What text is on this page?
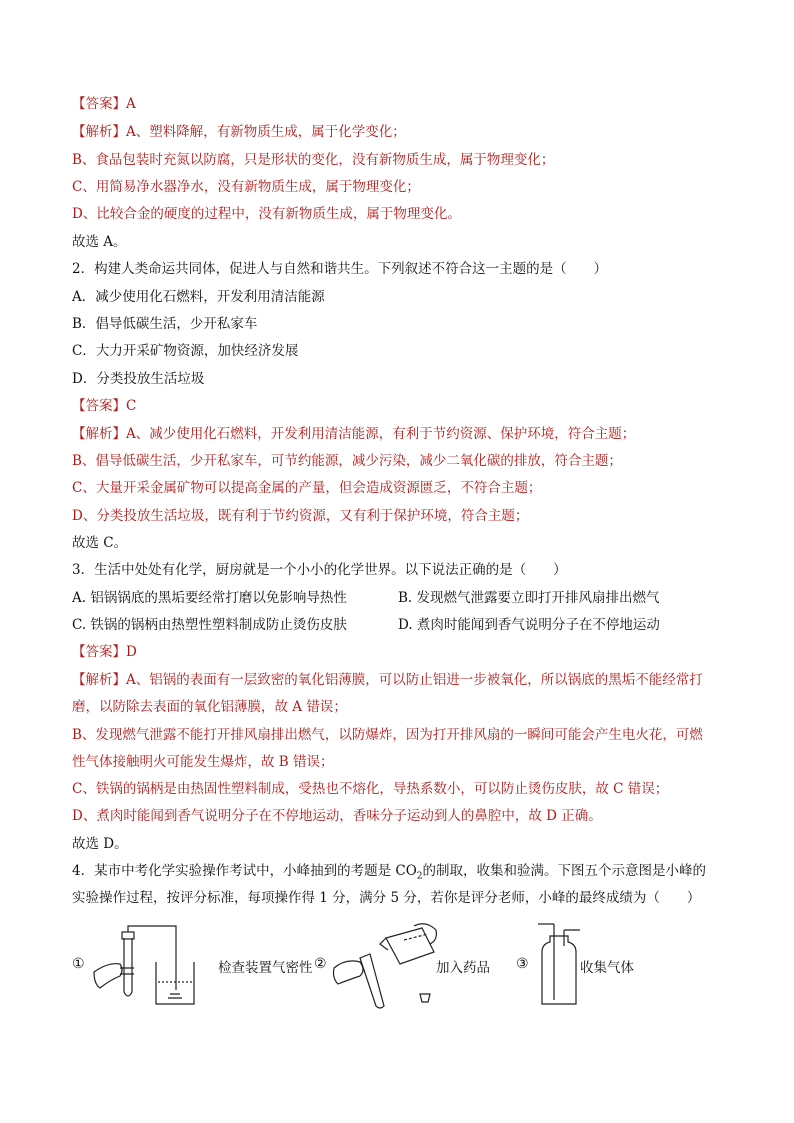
【答案】A
【解析】A、塑料降解，有新物质生成，属于化学变化；
B、食品包装时充氮以防腐，只是形状的变化，没有新物质生成，属于物理变化；
C、用简易净水器净水，没有新物质生成，属于物理变化；
D、比较合金的硬度的过程中，没有新物质生成，属于物理变化。
故选 A。
2．构建人类命运共同体，促进人与自然和谐共生。下列叙述不符合这一主题的是（　　）
A．减少使用化石燃料，开发利用清洁能源
B．倡导低碳生活，少开私家车
C．大力开采矿物资源，加快经济发展
D．分类投放生活垃圾
【答案】C
【解析】A、减少使用化石燃料，开发利用清洁能源，有利于节约资源、保护环境，符合主题；
B、倡导低碳生活，少开私家车，可节约能源，减少污染，减少二氧化碳的排放，符合主题；
C、大量开采金属矿物可以提高金属的产量，但会造成资源匮乏，不符合主题；
D、分类投放生活垃圾，既有利于节约资源，又有利于保护环境，符合主题；
故选 C。
3．生活中处处有化学，厨房就是一个小小的化学世界。以下说法正确的是（　　）
A. 铝锅锅底的黑垢要经常打磨以免影响导热性	B. 发现燃气泄露要立即打开排风扇排出燃气
C. 铁锅的锅柄由热塑性塑料制成防止烫伤皮肤	D. 煮肉时能闻到香气说明分子在不停地运动
【答案】D
【解析】A、铝锅的表面有一层致密的氧化铝薄膜，可以防止铝进一步被氧化，所以锅底的黑垢不能经常打
磨，以防除去表面的氧化铝薄膜，故 A 错误；
B、发现燃气泄露不能打开排风扇排出燃气，以防爆炸，因为打开排风扇的一瞬间可能会产生电火花，可燃
性气体接触明火可能发生爆炸，故 B 错误；
C、铁锅的锅柄是由热固性塑料制成，受热也不熔化，导热系数小，可以防止烫伤皮肤，故 C 错误；
D、煮肉时能闻到香气说明分子在不停地运动，香味分子运动到人的鼻腔中，故 D 正确。
故选 D。
4．某市中考化学实验操作考试中，小峰抽到的考题是 $CO_2$的制取，收集和验满。下图五个示意图是小峰的
实验操作过程，按评分标准，每项操作得 1 分，满分 5 分，若你是评分老师，小峰的最终成绩为（　　）
①	检查装置气密性 ②	加入药品 ③	收集气体
